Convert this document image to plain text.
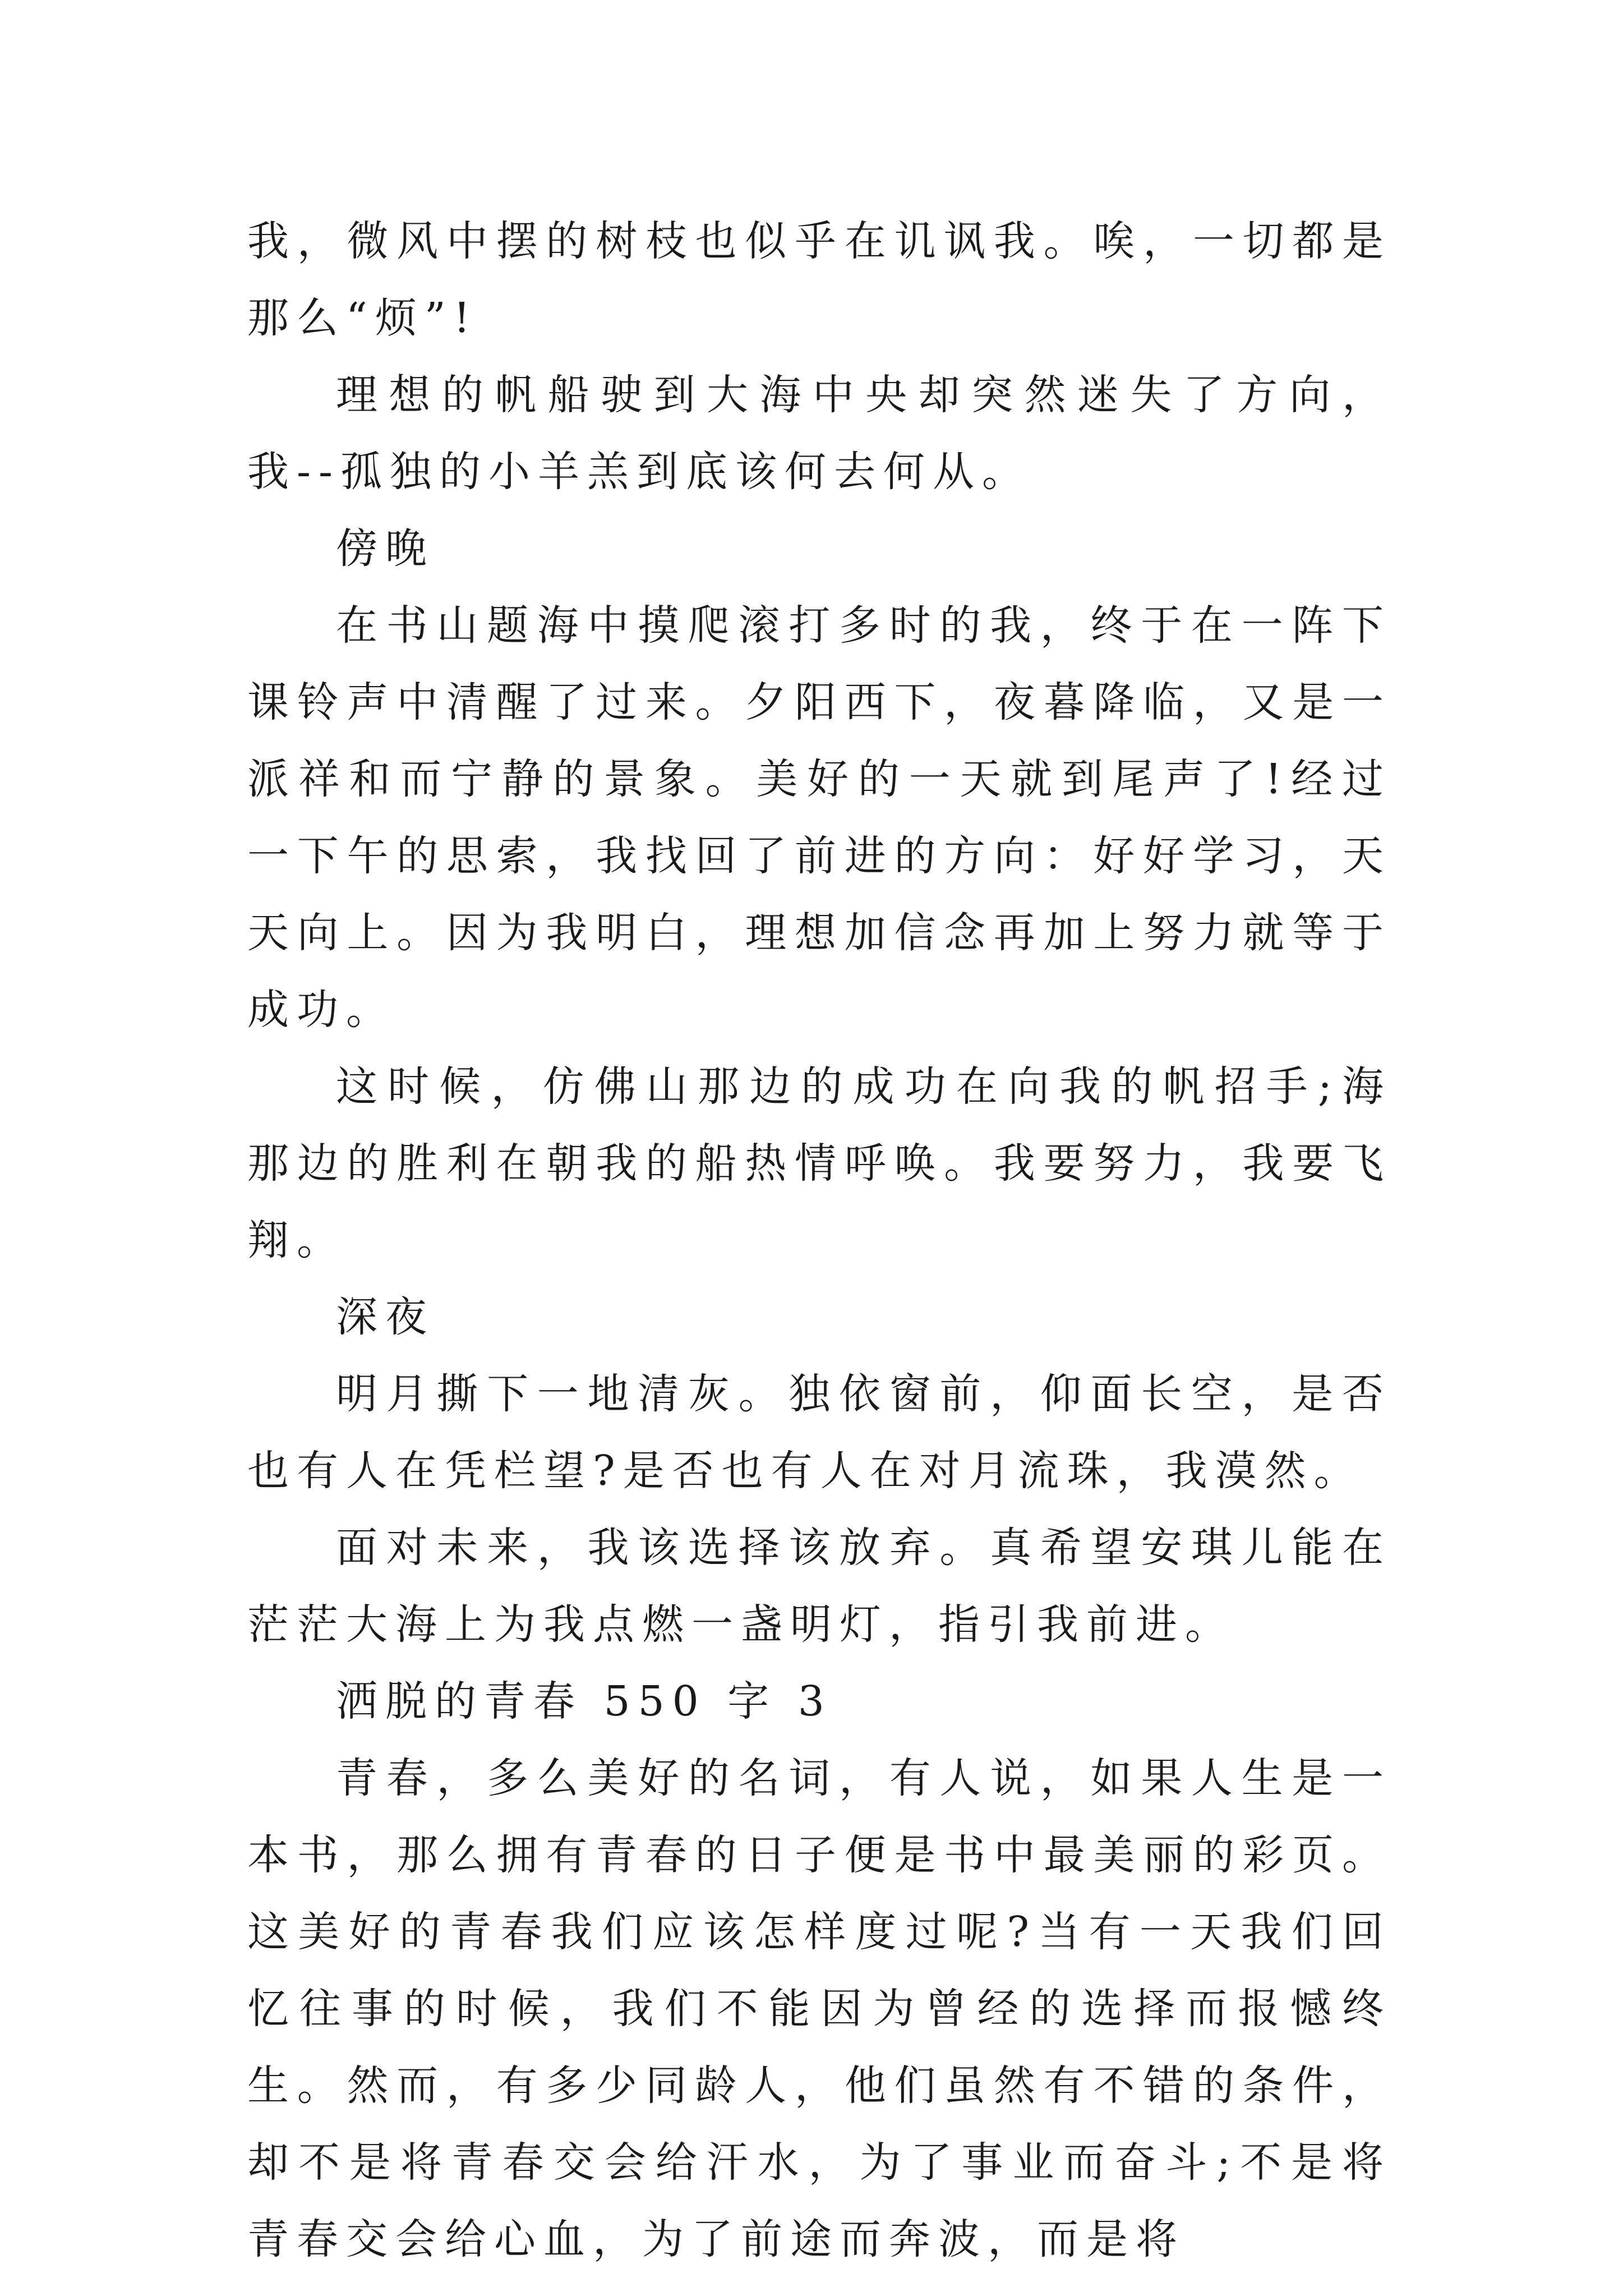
我，微风中摆的树枝也似乎在讥讽我。唉，一切都是那么“烦”!

理想的帆船驶到大海中央却突然迷失了方向，我--孤独的小羊羔到底该何去何从。

傍晚

在书山题海中摸爬滚打多时的我，终于在一阵下课铃声中清醒了过来。夕阳西下，夜暮降临，又是一派祥和而宁静的景象。美好的一天就到尾声了!经过一下午的思索，我找回了前进的方向：好好学习，天天向上。因为我明白，理想加信念再加上努力就等于成功。

这时候，仿佛山那边的成功在向我的帆招手;海那边的胜利在朝我的船热情呼唤。我要努力，我要飞翔。

深夜

明月撕下一地清灰。独依窗前，仰面长空，是否也有人在凭栏望?是否也有人在对月流珠，我漠然。

面对未来，我该选择该放弃。真希望安琪儿能在茫茫大海上为我点燃一盏明灯，指引我前进。

洒脱的青春 550 字 3

青春，多么美好的名词，有人说，如果人生是一本书，那么拥有青春的日子便是书中最美丽的彩页。这美好的青春我们应该怎样度过呢?当有一天我们回忆往事的时候，我们不能因为曾经的选择而报憾终生。然而，有多少同龄人，他们虽然有不错的条件，却不是将青春交会给汗水，为了事业而奋斗;不是将青春交会给心血，为了前途而奔波，而是将
